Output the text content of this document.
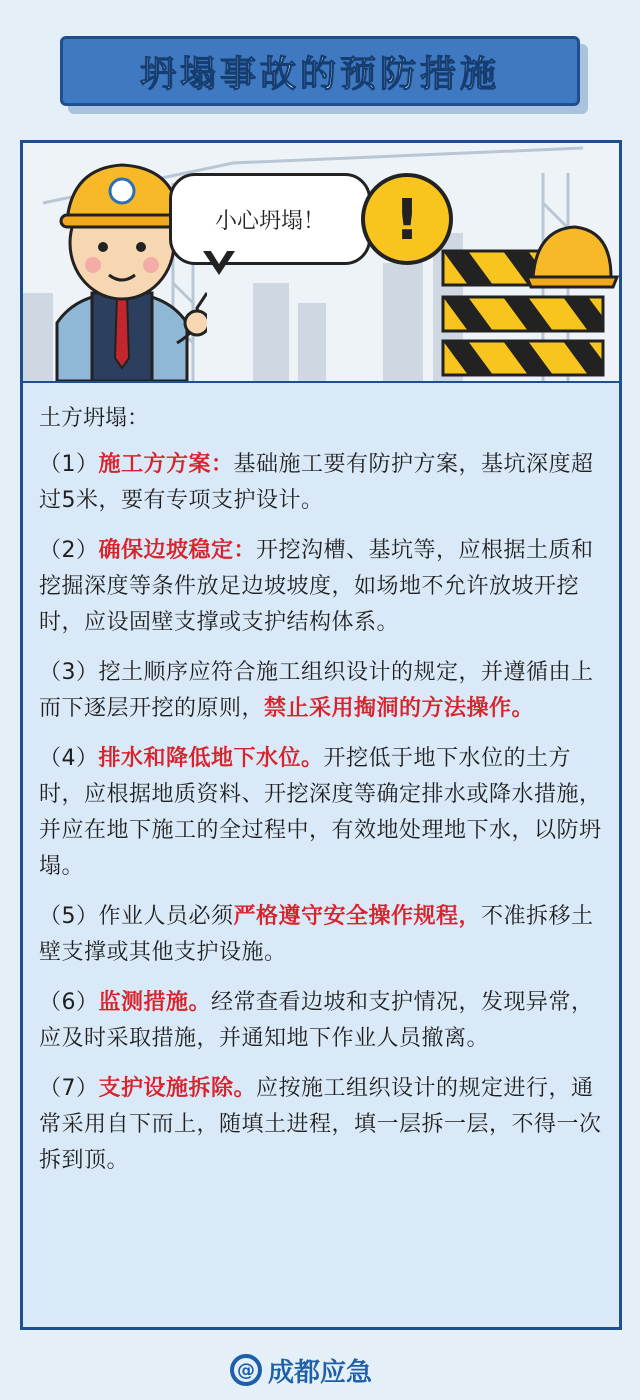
坍塌事故的预防措施
小心坍塌！ !

土方坍塌：

（1）施工方方案：基础施工要有防护方案，基坑深度超过5米，要有专项支护设计。

（2）确保边坡稳定：开挖沟槽、基坑等，应根据土质和挖掘深度等条件放足边坡坡度，如场地不允许放坡开挖时，应设固壁支撑或支护结构体系。

（3）挖土顺序应符合施工组织设计的规定，并遵循由上而下逐层开挖的原则，禁止采用掏洞的方法操作。

（4）排水和降低地下水位。开挖低于地下水位的土方时，应根据地质资料、开挖深度等确定排水或降水措施，并应在地下施工的全过程中，有效地处理地下水，以防坍塌。

（5）作业人员必须严格遵守安全操作规程，不准拆移土壁支撑或其他支护设施。

（6）监测措施。经常查看边坡和支护情况，发现异常，应及时采取措施，并通知地下作业人员撤离。

（7）支护设施拆除。应按施工组织设计的规定进行，通常采用自下而上，随填土进程，填一层拆一层，不得一次拆到顶。

@ 成都应急
